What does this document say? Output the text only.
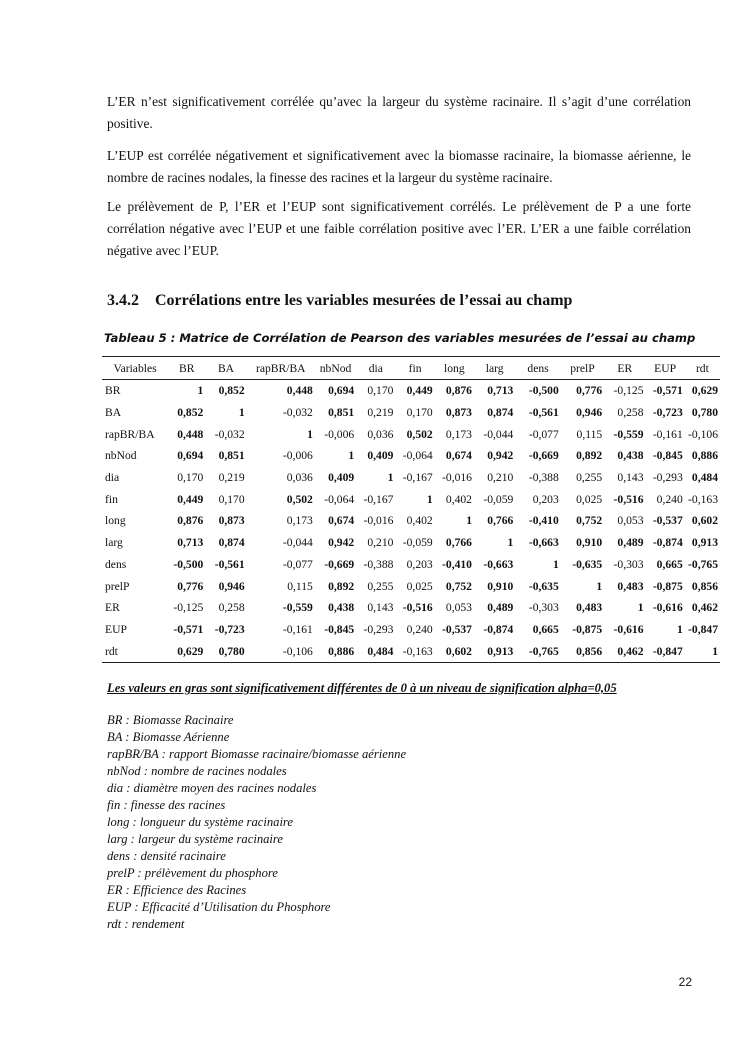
L’ER n’est significativement corrélée qu’avec la largeur du système racinaire. Il s’agit d’une corrélation positive.

L’EUP est corrélée négativement et significativement avec la biomasse racinaire, la biomasse aérienne, le nombre de racines nodales, la finesse des racines et la largeur du système racinaire.

Le prélèvement de P, l’ER et l’EUP sont significativement corrélés. Le prélèvement de P a une forte corrélation négative avec l’EUP et une faible corrélation positive avec l’ER. L’ER a une faible corrélation négative avec l’EUP.

3.4.2 Corrélations entre les variables mesurées de l’essai au champ
Tableau 5 : Matrice de Corrélation de Pearson des variables mesurées de l’essai au champ
Variables	BR	BA	rapBR/BA	nbNod	dia	fin	long	larg	dens	prelP	ER	EUP	rdt
BR	1	0,852	0,448	0,694	0,170	0,449	0,876	0,713	-0,500	0,776	-0,125	-0,571	0,629
BA	0,852	1	-0,032	0,851	0,219	0,170	0,873	0,874	-0,561	0,946	0,258	-0,723	0,780
rapBR/BA	0,448	-0,032	1	-0,006	0,036	0,502	0,173	-0,044	-0,077	0,115	-0,559	-0,161	-0,106
nbNod	0,694	0,851	-0,006	1	0,409	-0,064	0,674	0,942	-0,669	0,892	0,438	-0,845	0,886
dia	0,170	0,219	0,036	0,409	1	-0,167	-0,016	0,210	-0,388	0,255	0,143	-0,293	0,484
fin	0,449	0,170	0,502	-0,064	-0,167	1	0,402	-0,059	0,203	0,025	-0,516	0,240	-0,163
long	0,876	0,873	0,173	0,674	-0,016	0,402	1	0,766	-0,410	0,752	0,053	-0,537	0,602
larg	0,713	0,874	-0,044	0,942	0,210	-0,059	0,766	1	-0,663	0,910	0,489	-0,874	0,913
dens	-0,500	-0,561	-0,077	-0,669	-0,388	0,203	-0,410	-0,663	1	-0,635	-0,303	0,665	-0,765
prelP	0,776	0,946	0,115	0,892	0,255	0,025	0,752	0,910	-0,635	1	0,483	-0,875	0,856
ER	-0,125	0,258	-0,559	0,438	0,143	-0,516	0,053	0,489	-0,303	0,483	1	-0,616	0,462
EUP	-0,571	-0,723	-0,161	-0,845	-0,293	0,240	-0,537	-0,874	0,665	-0,875	-0,616	1	-0,847
rdt	0,629	0,780	-0,106	0,886	0,484	-0,163	0,602	0,913	-0,765	0,856	0,462	-0,847	1
Les valeurs en gras sont significativement différentes de 0 à un niveau de signification alpha=0,05
BR : Biomasse Racinaire
BA : Biomasse Aérienne
rapBR/BA : rapport Biomasse racinaire/biomasse aérienne
nbNod : nombre de racines nodales
dia : diamètre moyen des racines nodales
fin : finesse des racines
long : longueur du système racinaire
larg : largeur du système racinaire
dens : densité racinaire
prelP : prélèvement du phosphore
ER : Efficience des Racines
EUP : Efficacité d’Utilisation du Phosphore
rdt : rendement
22
